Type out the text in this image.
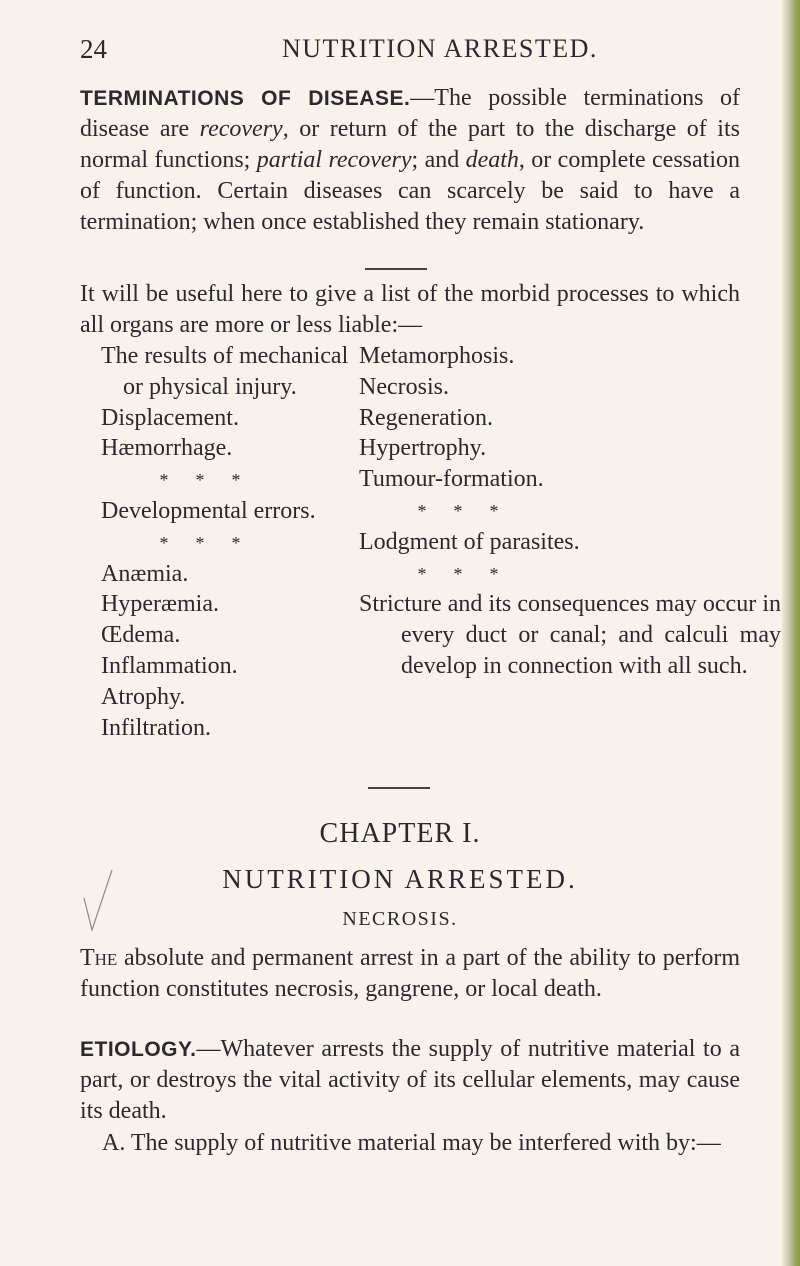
24	NUTRITION ARRESTED.

TERMINATIONS OF DISEASE.—The possible terminations of disease are recovery, or return of the part to the discharge of its normal functions; partial recovery; and death, or complete cessation of function. Certain diseases can scarcely be said to have a termination; when once established they remain stationary.

It will be useful here to give a list of the morbid processes to which all organs are more or less liable:—

The results of mechanical
or physical injury.
Displacement.
Hæmorrhage.
* * *
Developmental errors.
* * *
Anæmia.
Hyperæmia.
Œdema.
Inflammation.
Atrophy.
Infiltration.
Metamorphosis.
Necrosis.
Regeneration.
Hypertrophy.
Tumour-formation.
* * *
Lodgment of parasites.
* * *
Stricture and its consequences may occur in every duct or canal; and calculi may develop in connection with all such.
CHAPTER I.
NUTRITION ARRESTED.
NECROSIS.

The absolute and permanent arrest in a part of the ability to perform function constitutes necrosis, gangrene, or local death.

ETIOLOGY.—Whatever arrests the supply of nutritive material to a part, or destroys the vital activity of its cellular elements, may cause its death.

A. The supply of nutritive material may be interfered with by:—
